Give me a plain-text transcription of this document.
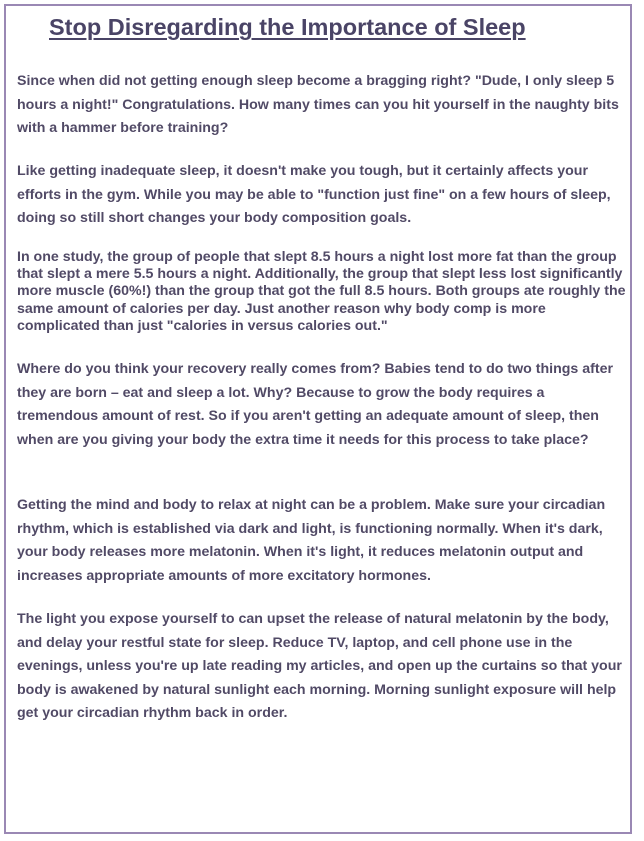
Stop Disregarding the Importance of Sleep

Since when did not getting enough sleep become a bragging right? "Dude, I only sleep 5 hours a night!" Congratulations. How many times can you hit yourself in the naughty bits with a hammer before training?

Like getting inadequate sleep, it doesn't make you tough, but it certainly affects your efforts in the gym. While you may be able to "function just fine" on a few hours of sleep, doing so still short changes your body composition goals.

In one study, the group of people that slept 8.5 hours a night lost more fat than the group that slept a mere 5.5 hours a night. Additionally, the group that slept less lost significantly more muscle (60%!) than the group that got the full 8.5 hours. Both groups ate roughly the same amount of calories per day. Just another reason why body comp is more complicated than just "calories in versus calories out."

Where do you think your recovery really comes from? Babies tend to do two things after they are born – eat and sleep a lot. Why? Because to grow the body requires a tremendous amount of rest. So if you aren't getting an adequate amount of sleep, then when are you giving your body the extra time it needs for this process to take place?

Getting the mind and body to relax at night can be a problem. Make sure your circadian rhythm, which is established via dark and light, is functioning normally. When it's dark, your body releases more melatonin. When it's light, it reduces melatonin output and increases appropriate amounts of more excitatory hormones.

The light you expose yourself to can upset the release of natural melatonin by the body, and delay your restful state for sleep. Reduce TV, laptop, and cell phone use in the evenings, unless you're up late reading my articles, and open up the curtains so that your body is awakened by natural sunlight each morning. Morning sunlight exposure will help get your circadian rhythm back in order.
